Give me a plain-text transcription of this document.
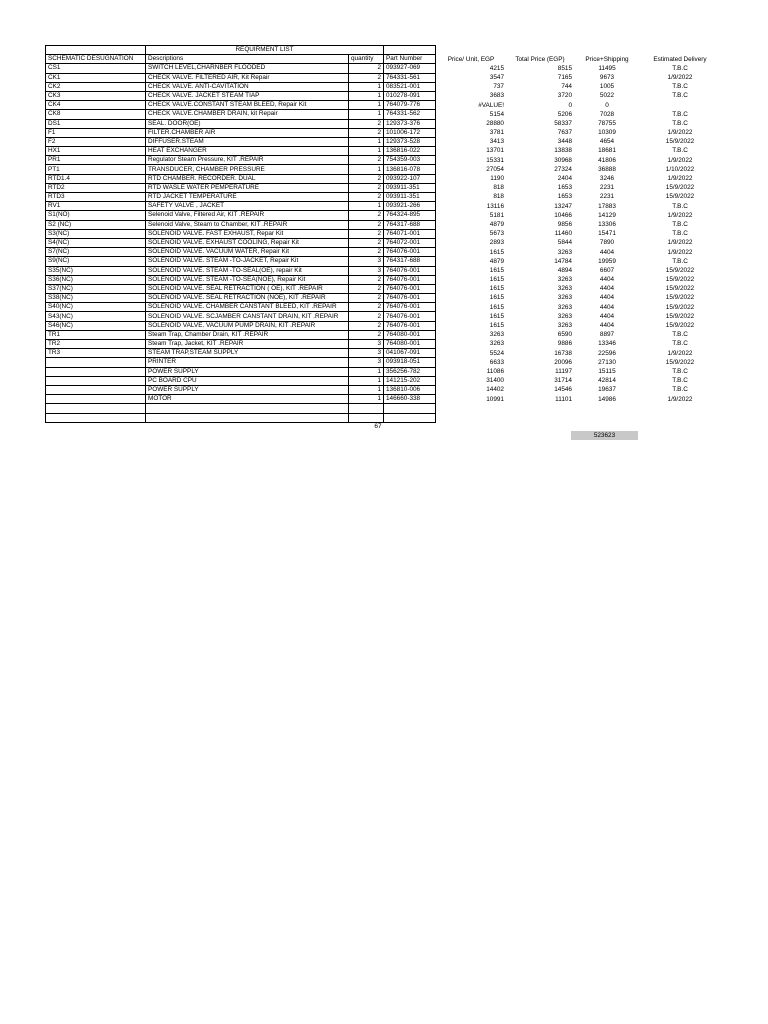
	REQUIRMENT LIST		
SCHEMATIC DESUGNATION	Descriptions	quantity	Part Number
CS1	SWITCH LEVEL,CHARNBER FLOODED	2	093927-069
CK1	CHECK VALVE. FILTERED AIR, Kit Repair	2	764331-561
CK2	CHECK VALVE. ANTI-CAVITATION	1	083521-001
CK3	CHECK VALVE. JACKET STEAM TIAP	1	010278-091
CK4	CHECK VALVE.CONSTANT STEAM BLEED, Repair Kit	1	764079-776
CK8	CHECK VALVE.CHAMBER DRAIN, kit Repair	1	764331-562
DS1	SEAL. DOOR(OE)	2	129373-376
F1	FILTER.CHAMBER AIR	2	101006-172
F2	DIFFUSER.STEAM	1	129373-528
HX1	HEAT EXCHANGER	1	136816-022
PR1	Regulator Steam Pressure, KIT .REPAIR	2	754359-003
PT1	TRANSDUCER, CHAMBER PRESSURE	1	136816-078
RTD1.4	RTD CHAMBER. RECORDER. DUAL	2	093922-107
RTD2	RTD WASLE WATER PEMPERATURE	2	093911-351
RTD3	RTD JACKET TEMPERATURE	2	093911-351
RV1	SAFETY VALVE , JACKET	1	093921-266
S1(NO)	Selenoid Valve, Filtered Air, KIT .REPAIR	2	764324-895
S2 (NC)	Selenoid Valve, Steam to Chamber, KIT .REPAIR	2	764317-688
S3(NC)	SOLENOID VALVE. FAST EXHAUST, Repar Kit	2	764071-001
S4(NC)	SOLENOID VALVE. EXHAUST COOLING, Repair Kit	2	764072-001
S7(NC)	SOLENOID VALVE. VACUUM WATER, Repair Kit	2	764076-001
S9(NC)	SOLENOID VALVE. STEAM -TO-JACKET, Repair Kit	3	764317-688
S35(NC)	SOLENOID VALVE. STEAM -TO-SEAL(OE), repair Kit	3	764076-001
S36(NC)	SOLENOID VALVE. STEAM -TO-SEA(NOE), Repair Kit	2	764076-001
S37(NC)	SOLENOID VALVE. SEAL RETRACTION ( OE), KIT .REPAIR	2	764076-001
S38(NC)	SOLENOID VALVE. SEAL RETRACTION (NOE), KIT .REPAIR	2	764076-001
S40(NC)	SOLENOID VALVE. CHAMBER CANSTANT BLEED, KIT .REPAIR	2	764076-001
S43(NC)	SOLENOID VALVE. SCJAMBER CANSTANT DRAIN, KIT .REPAIR	2	764076-001
S46(NC)	SOLENOID VALVE. VACUUM PUMP DRAIN, KIT .REPAIR	2	764076-001
TR1	Steam Trap, Chamber Drain, KIT .REPAIR	2	764080-001
TR2	Steam Trap, Jacket, KIT .REPAIR	3	764080-001
TR3	STEAM TRAP,STEAM SUPPLY	3	041067-091
	PRINTER	3	093918-051
	POWER SUPPLY	1	356256-782
	PC BOARD CPU	1	141215-202
	POWER SUPPLY	1	136810-006
	MOTOR	1	146660-338

		67	
Price/ Unit, EGP	Total Price (EGP)	Price+Shipping	Estimated Delivery
4215	8515	11495	T.B.C
3547	7165	9673	1/9/2022
737	744	1005	T.B.C
3683	3720	5022	T.B.C
#VALUE!	0	0	
5154	5206	7028	T.B.C
28880	58337	78755	T.B.C
3781	7637	10309	1/9/2022
3413	3448	4654	15/9/2022
13701	13838	18681	T.B.C
15331	30968	41806	1/9/2022
27054	27324	36888	1/10/2022
1190	2404	3246	1/9/2022
818	1653	2231	15/9/2022
818	1653	2231	15/9/2022
13116	13247	17883	T.B.C
5181	10466	14129	1/9/2022
4879	9856	13306	T.B.C
5673	11460	15471	T.B.C
2893	5844	7890	1/9/2022
1615	3263	4404	1/9/2022
4879	14784	19959	T.B.C
1615	4894	6607	15/9/2022
1615	3263	4404	15/9/2022
1615	3263	4404	15/9/2022
1615	3263	4404	15/9/2022
1615	3263	4404	15/9/2022
1615	3263	4404	15/9/2022
1615	3263	4404	15/9/2022
3263	6590	8897	T.B.C
3263	9886	13346	T.B.C
5524	16738	22596	1/9/2022
6633	20096	27130	15/9/2022
11086	11197	15115	T.B.C
31400	31714	42814	T.B.C
14402	14546	19637	T.B.C
10991	11101	14986	1/9/2022
523623
